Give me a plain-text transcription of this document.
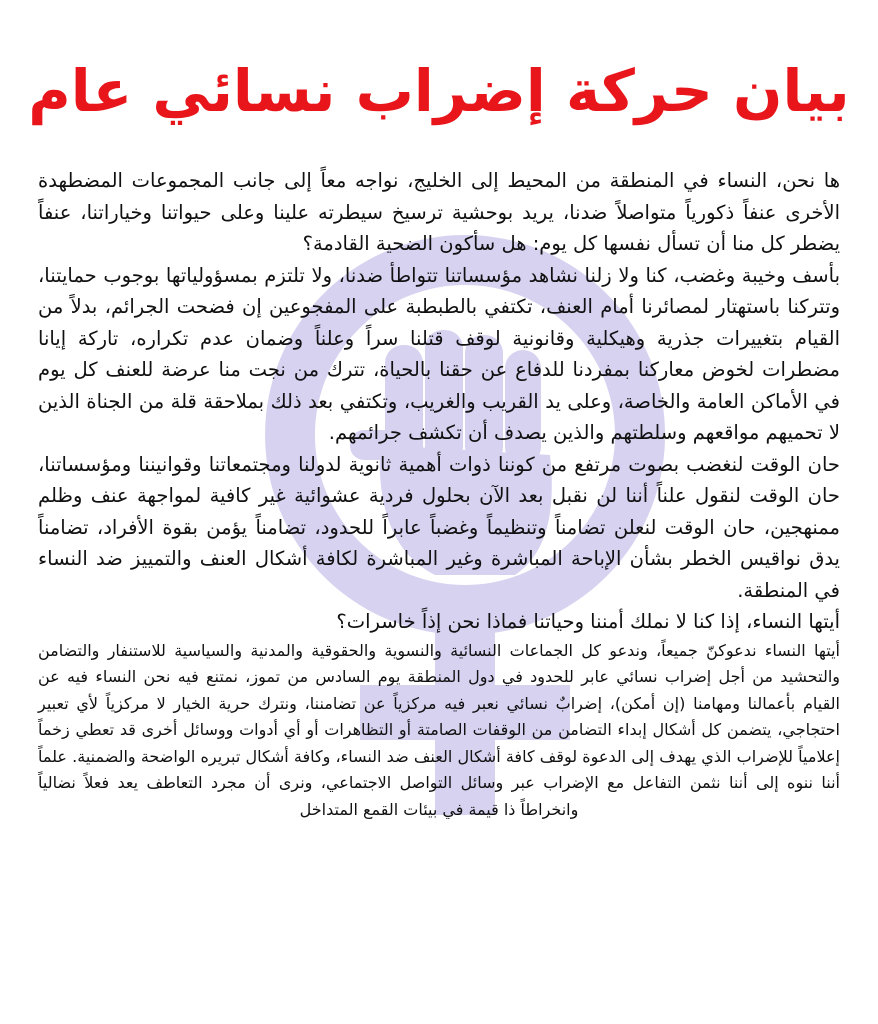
بيان حركة إضراب نسائي عام

ها نحن، النساء في المنطقة من المحيط إلى الخليج، نواجه معاً إلى جانب المجموعات المضطهدة الأخرى عنفاً ذكورياً متواصلاً ضدنا، يريد بوحشية ترسيخ سيطرته علينا وعلى حيواتنا وخياراتنا، عنفاً يضطر كل منا أن تسأل نفسها كل يوم: هل سأكون الضحية القادمة؟

بأسف وخيبة وغضب، كنا ولا زلنا نشاهد مؤسساتنا تتواطأ ضدنا، ولا تلتزم بمسؤولياتها بوجوب حمايتنا، وتتركنا باستهتار لمصائرنا أمام العنف، تكتفي بالطبطبة على المفجوعين إن فضحت الجرائم، بدلاً من القيام بتغييرات جذرية وهيكلية وقانونية لوقف قتلنا سراً وعلناً وضمان عدم تكراره، تاركة إيانا مضطرات لخوض معاركنا بمفردنا للدفاع عن حقنا بالحياة، تترك من نجت منا عرضة للعنف كل يوم في الأماكن العامة والخاصة، وعلى يد القريب والغريب، وتكتفي بعد ذلك بملاحقة قلة من الجناة الذين لا تحميهم مواقعهم وسلطتهم والذين يصدف أن تكشف جرائمهم.

حان الوقت لنغضب بصوت مرتفع من كوننا ذوات أهمية ثانوية لدولنا ومجتمعاتنا وقوانيننا ومؤسساتنا، حان الوقت لنقول علناً أننا لن نقبل بعد الآن بحلول فردية عشوائية غير كافية لمواجهة عنف وظلم ممنهجين، حان الوقت لنعلن تضامناً وتنظيماً وغضباً عابراً للحدود، تضامناً يؤمن بقوة الأفراد، تضامناً يدق نواقيس الخطر بشأن الإباحة المباشرة وغير المباشرة لكافة أشكال العنف والتمييز ضد النساء في المنطقة.

أيتها النساء، إذا كنا لا نملك أمننا وحياتنا فماذا نحن إذاً خاسرات؟

أيتها النساء ندعوكنّ جميعاً، وندعو كل الجماعات النسائية والنسوية والحقوقية والمدنية والسياسية للاستنفار والتضامن والتحشيد من أجل إضراب نسائي عابر للحدود في دول المنطقة يوم السادس من تموز، نمتنع فيه نحن النساء فيه عن القيام بأعمالنا ومهامنا (إن أمكن)، إضرابٌ نسائي نعبر فيه مركزياً عن تضامننا، ونترك حرية الخيار لا مركزياً لأي تعبير احتجاجي، يتضمن كل أشكال إبداء التضامن من الوقفات الصامتة أو التظاهرات أو أي أدوات ووسائل أخرى قد تعطي زخماً إعلامياً للإضراب الذي يهدف إلى الدعوة لوقف كافة أشكال العنف ضد النساء، وكافة أشكال تبريره الواضحة والضمنية. علماً أننا ننوه إلى أننا نثمن التفاعل مع الإضراب عبر وسائل التواصل الاجتماعي، ونرى أن مجرد التعاطف يعد فعلاً نضالياً وانخراطاً ذا قيمة في بيئات القمع المتداخل
